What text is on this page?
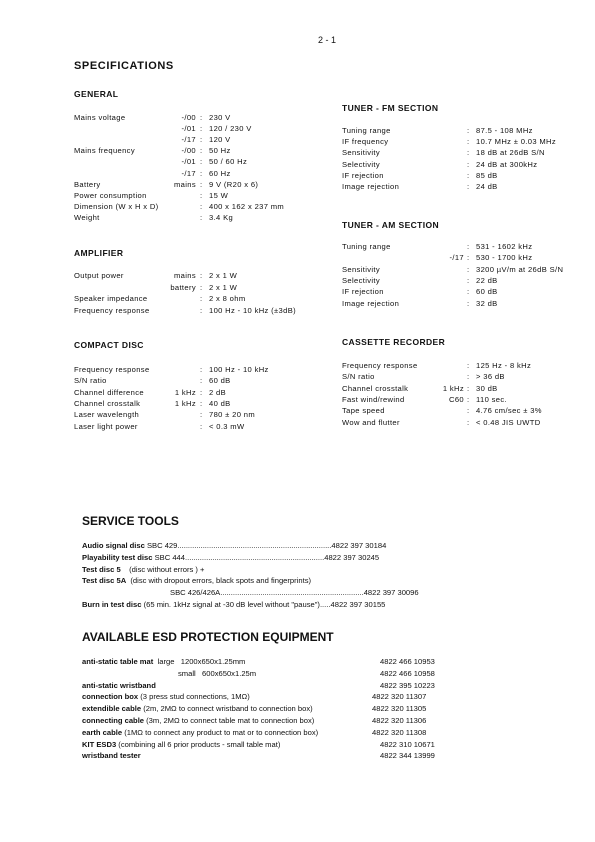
2 - 1
SPECIFICATIONS
GENERAL
Mains voltage	-/00 : 230 V
-/01 : 120 / 230 V
-/17 : 120 V
Mains frequency	-/00 : 50 Hz
-/01 : 50 / 60 Hz
-/17 : 60 Hz
Battery	mains : 9 V (R20 x 6)
Power consumption	: 15 W
Dimension (W x H x D)	: 400 x 162 x 237 mm
Weight	: 3.4 Kg
AMPLIFIER
Output power	mains : 2 x 1 W
battery : 2 x 1 W
Speaker impedance	: 2 x 8 ohm
Frequency response	: 100 Hz - 10 kHz (±3dB)
COMPACT DISC
Frequency response	: 100 Hz - 10 kHz
S/N ratio	: 60 dB
Channel difference	1 kHz : 2 dB
Channel crosstalk	1 kHz : 40 dB
Laser wavelength	: 780 ± 20 nm
Laser light power	: < 0.3 mW
TUNER - FM SECTION
Tuning range	: 87.5 - 108 MHz
IF frequency	: 10.7 MHz ± 0.03 MHz
Sensitivity	: 18 dB at 26dB S/N
Selectivity	: 24 dB at 300kHz
IF rejection	: 85 dB
Image rejection	: 24 dB
TUNER - AM SECTION
Tuning range	: 531 - 1602 kHz
-/17 : 530 - 1700 kHz
Sensitivity	: 3200 µV/m at 26dB S/N
Selectivity	: 22 dB
IF rejection	: 60 dB
Image rejection	: 32 dB
CASSETTE RECORDER
Frequency response	: 125 Hz - 8 kHz
S/N ratio	: > 36 dB
Channel crosstalk	1 kHz : 30 dB
Fast wind/rewind	C60 : 110 sec.
Tape speed	: 4.76 cm/sec ± 3%
Wow and flutter	: < 0.48 JIS UWTD
SERVICE TOOLS
Audio signal disc SBC 429.........................................................................4822 397 30184
Playability test disc SBC 444..................................................................4822 397 30245
Test disc 5    (disc without errors ) +
Test disc 5A  (disc with dropout errors, black spots and fingerprints)
SBC 426/426A....................................................................4822 397 30096
Burn in test disc (65 min. 1kHz signal at -30 dB level without "pause").....4822 397 30155
AVAILABLE ESD PROTECTION EQUIPMENT
anti-static table mat  large   1200x650x1.25mm	4822 466 10953
small   600x650x1.25m	4822 466 10958
anti-static wristband	4822 395 10223
connection box (3 press stud connections, 1MΩ)	4822 320 11307
extendible cable (2m, 2MΩ to connect wristband to connection box)	4822 320 11305
connecting cable (3m, 2MΩ to connect table mat to connection box)	4822 320 11306
earth cable (1MΩ to connect any product to mat or to connection box)	4822 320 11308
KIT ESD3 (combining all 6 prior products - small table mat)	4822 310 10671
wristband tester	4822 344 13999
